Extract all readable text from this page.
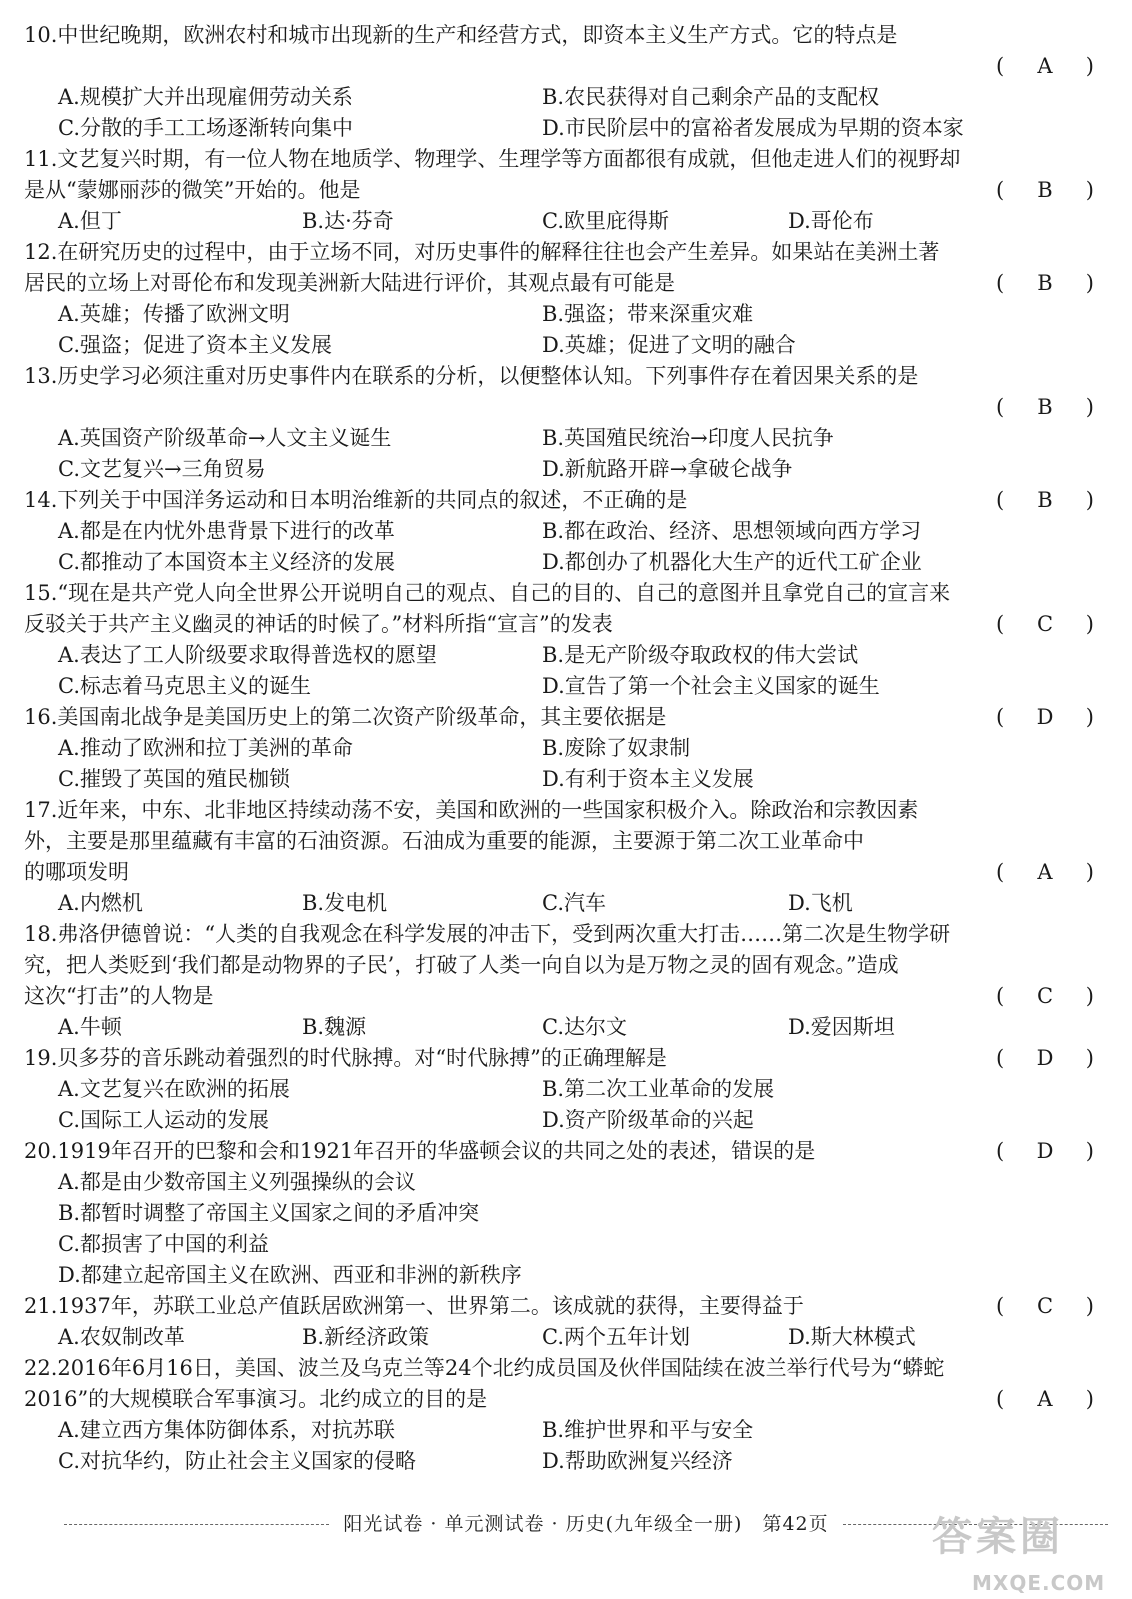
10.中世纪晚期，欧洲农村和城市出现新的生产和经营方式，即资本主义生产方式。它的特点是
(	A	)
A.规模扩大并出现雇佣劳动关系	B.农民获得对自己剩余产品的支配权
C.分散的手工工场逐渐转向集中	D.市民阶层中的富裕者发展成为早期的资本家
11.文艺复兴时期，有一位人物在地质学、物理学、生理学等方面都很有成就，但他走进人们的视野却
是从“蒙娜丽莎的微笑”开始的。他是	(	B	)
A.但丁	B.达·芬奇	C.欧里庇得斯	D.哥伦布
12.在研究历史的过程中，由于立场不同，对历史事件的解释往往也会产生差异。如果站在美洲土著
居民的立场上对哥伦布和发现美洲新大陆进行评价，其观点最有可能是	(	B	)
A.英雄；传播了欧洲文明	B.强盗；带来深重灾难
C.强盗；促进了资本主义发展	D.英雄；促进了文明的融合
13.历史学习必须注重对历史事件内在联系的分析，以便整体认知。下列事件存在着因果关系的是
(	B	)
A.英国资产阶级革命→人文主义诞生	B.英国殖民统治→印度人民抗争
C.文艺复兴→三角贸易	D.新航路开辟→拿破仑战争
14.下列关于中国洋务运动和日本明治维新的共同点的叙述，不正确的是	(	B	)
A.都是在内忧外患背景下进行的改革	B.都在政治、经济、思想领域向西方学习
C.都推动了本国资本主义经济的发展	D.都创办了机器化大生产的近代工矿企业
15.“现在是共产党人向全世界公开说明自己的观点、自己的目的、自己的意图并且拿党自己的宣言来
反驳关于共产主义幽灵的神话的时候了。”材料所指“宣言”的发表	(	C	)
A.表达了工人阶级要求取得普选权的愿望	B.是无产阶级夺取政权的伟大尝试
C.标志着马克思主义的诞生	D.宣告了第一个社会主义国家的诞生
16.美国南北战争是美国历史上的第二次资产阶级革命，其主要依据是	(	D	)
A.推动了欧洲和拉丁美洲的革命	B.废除了奴隶制
C.摧毁了英国的殖民枷锁	D.有利于资本主义发展
17.近年来，中东、北非地区持续动荡不安，美国和欧洲的一些国家积极介入。除政治和宗教因素
外，主要是那里蕴藏有丰富的石油资源。石油成为重要的能源，主要源于第二次工业革命中
的哪项发明	(	A	)
A.内燃机	B.发电机	C.汽车	D.飞机
18.弗洛伊德曾说：“人类的自我观念在科学发展的冲击下，受到两次重大打击……第二次是生物学研
究，把人类贬到‘我们都是动物界的子民’，打破了人类一向自以为是万物之灵的固有观念。”造成
这次“打击”的人物是	(	C	)
A.牛顿	B.魏源	C.达尔文	D.爱因斯坦
19.贝多芬的音乐跳动着强烈的时代脉搏。对“时代脉搏”的正确理解是	(	D	)
A.文艺复兴在欧洲的拓展	B.第二次工业革命的发展
C.国际工人运动的发展	D.资产阶级革命的兴起
20.1919年召开的巴黎和会和1921年召开的华盛顿会议的共同之处的表述，错误的是	(	D	)
A.都是由少数帝国主义列强操纵的会议
B.都暂时调整了帝国主义国家之间的矛盾冲突
C.都损害了中国的利益
D.都建立起帝国主义在欧洲、西亚和非洲的新秩序
21.1937年，苏联工业总产值跃居欧洲第一、世界第二。该成就的获得，主要得益于	(	C	)
A.农奴制改革	B.新经济政策	C.两个五年计划	D.斯大林模式
22.2016年6月16日，美国、波兰及乌克兰等24个北约成员国及伙伴国陆续在波兰举行代号为“蟒蛇
2016”的大规模联合军事演习。北约成立的目的是	(	A	)
A.建立西方集体防御体系，对抗苏联	B.维护世界和平与安全
C.对抗华约，防止社会主义国家的侵略	D.帮助欧洲复兴经济
阳光试卷 · 单元测试卷 · 历史(九年级全一册)　第42页	答案圈
MXQE.COM
